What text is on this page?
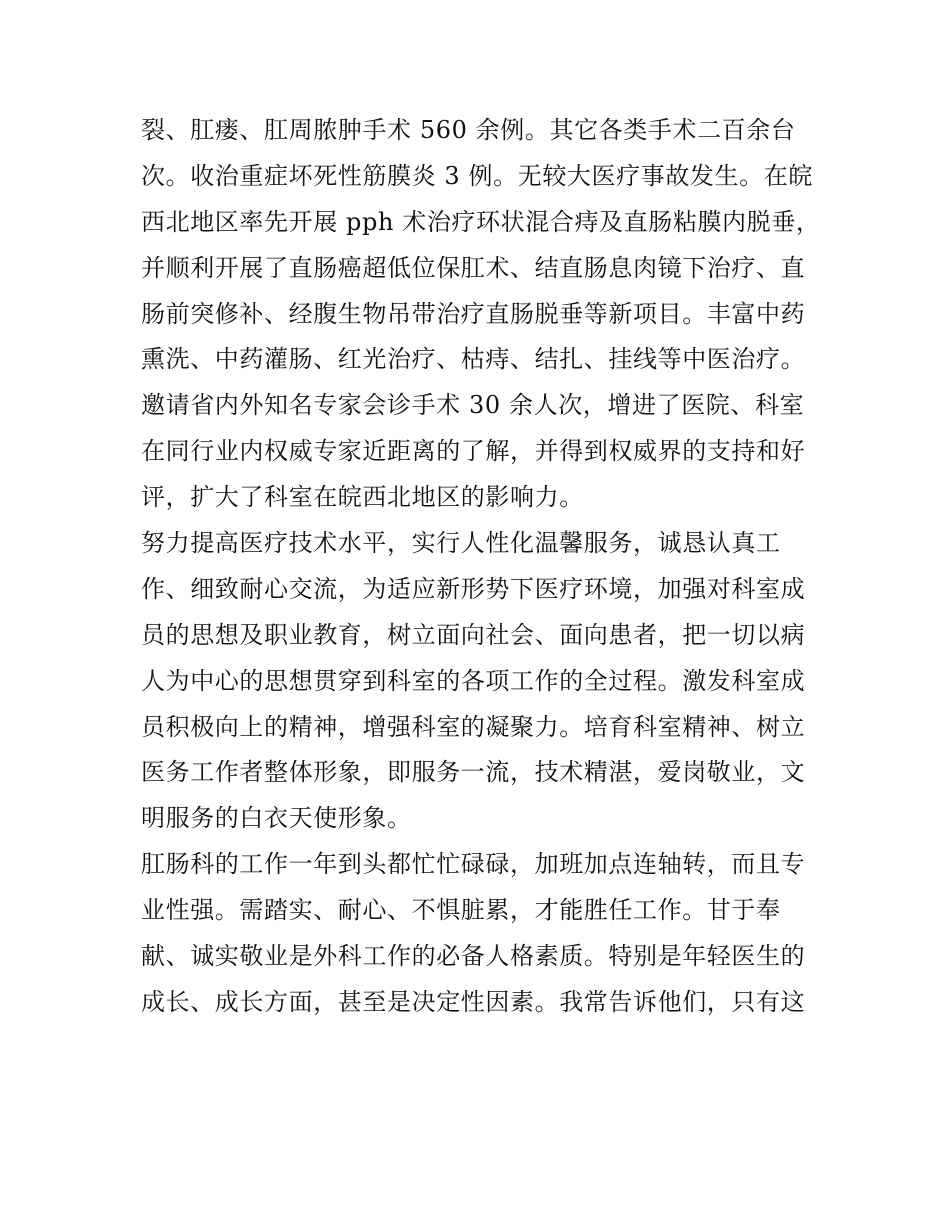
裂、肛瘘、肛周脓肿手术 560 余例。其它各类手术二百余台
次。收治重症坏死性筋膜炎 3 例。无较大医疗事故发生。在皖
西北地区率先开展 pph 术治疗环状混合痔及直肠粘膜内脱垂，
并顺利开展了直肠癌超低位保肛术、结直肠息肉镜下治疗、直
肠前突修补、经腹生物吊带治疗直肠脱垂等新项目。丰富中药
熏洗、中药灌肠、红光治疗、枯痔、结扎、挂线等中医治疗。
邀请省内外知名专家会诊手术 30 余人次，增进了医院、科室
在同行业内权威专家近距离的了解，并得到权威界的支持和好
评，扩大了科室在皖西北地区的影响力。
努力提高医疗技术水平，实行人性化温馨服务，诚恳认真工
作、细致耐心交流，为适应新形势下医疗环境，加强对科室成
员的思想及职业教育，树立面向社会、面向患者，把一切以病
人为中心的思想贯穿到科室的各项工作的全过程。激发科室成
员积极向上的精神，增强科室的凝聚力。培育科室精神、树立
医务工作者整体形象，即服务一流，技术精湛，爱岗敬业，文
明服务的白衣天使形象。
肛肠科的工作一年到头都忙忙碌碌，加班加点连轴转，而且专
业性强。需踏实、耐心、不惧脏累，才能胜任工作。甘于奉
献、诚实敬业是外科工作的必备人格素质。特别是年轻医生的
成长、成长方面，甚至是决定性因素。我常告诉他们，只有这
